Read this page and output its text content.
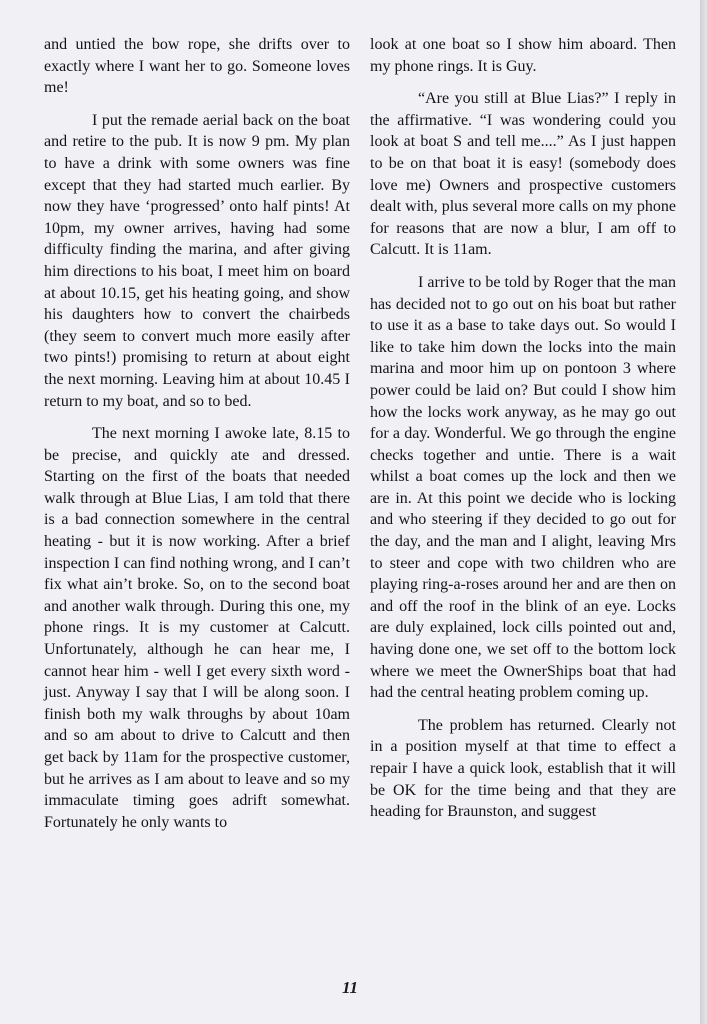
and untied the bow rope, she drifts over to exactly where I want her to go. Someone loves me!

I put the remade aerial back on the boat and retire to the pub. It is now 9 pm. My plan to have a drink with some owners was fine except that they had started much earlier. By now they have ‘progressed’ onto half pints! At 10pm, my owner arrives, having had some difficulty finding the marina, and after giving him directions to his boat, I meet him on board at about 10.15, get his heating going, and show his daughters how to convert the chairbeds (they seem to convert much more easily after two pints!) promising to return at about eight the next morning. Leaving him at about 10.45 I return to my boat, and so to bed.

The next morning I awoke late, 8.15 to be precise, and quickly ate and dressed. Starting on the first of the boats that needed walk through at Blue Lias, I am told that there is a bad connection somewhere in the central heating - but it is now working. After a brief inspection I can find nothing wrong, and I can’t fix what ain’t broke. So, on to the second boat and another walk through. During this one, my phone rings. It is my customer at Calcutt. Unfortunately, although he can hear me, I cannot hear him - well I get every sixth word - just. Anyway I say that I will be along soon. I finish both my walk throughs by about 10am and so am about to drive to Calcutt and then get back by 11am for the prospective customer, but he arrives as I am about to leave and so my immaculate timing goes adrift somewhat. Fortunately he only wants to

look at one boat so I show him aboard. Then my phone rings. It is Guy.

“Are you still at Blue Lias?” I reply in the affirmative. “I was wondering could you look at boat S and tell me....” As I just happen to be on that boat it is easy! (somebody does love me) Owners and prospective customers dealt with, plus several more calls on my phone for reasons that are now a blur, I am off to Calcutt. It is 11am.

I arrive to be told by Roger that the man has decided not to go out on his boat but rather to use it as a base to take days out. So would I like to take him down the locks into the main marina and moor him up on pontoon 3 where power could be laid on? But could I show him how the locks work anyway, as he may go out for a day. Wonderful. We go through the engine checks together and untie. There is a wait whilst a boat comes up the lock and then we are in. At this point we decide who is locking and who steering if they decided to go out for the day, and the man and I alight, leaving Mrs to steer and cope with two children who are playing ring-a-roses around her and are then on and off the roof in the blink of an eye. Locks are duly explained, lock cills pointed out and, having done one, we set off to the bottom lock where we meet the OwnerShips boat that had had the central heating problem coming up.

The problem has returned. Clearly not in a position myself at that time to effect a repair I have a quick look, establish that it will be OK for the time being and that they are heading for Braunston, and suggest

11
